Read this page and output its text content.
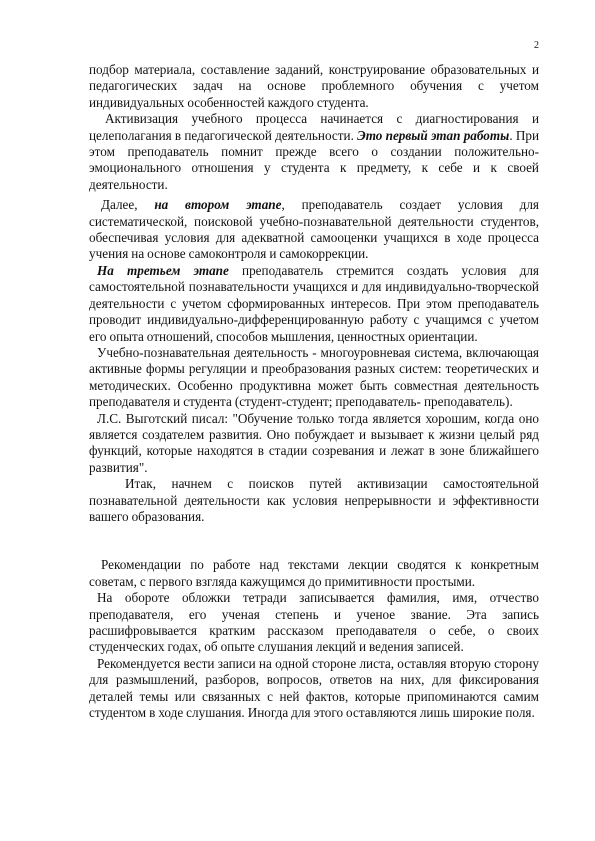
2

подбор материала, составление заданий, конструирование образовательных и педагогических задач на основе проблемного обучения с учетом индивидуальных особенностей каждого студента.

Активизация учебного процесса начинается с диагностирования и целеполагания в педагогической деятельности. Это первый этап работы. При этом преподаватель помнит прежде всего о создании положительно-эмоционального отношения у студента к предмету, к себе и к своей деятельности.

Далее, на втором этапе, преподаватель создает условия для систематической, поисковой учебно-познавательной деятельности студентов, обеспечивая условия для адекватной самооценки учащихся в ходе процесса учения на основе самоконтроля и самокоррекции.

На третьем этапе преподаватель стремится создать условия для самостоятельной познавательности учащихся и для индивидуально-творческой деятельности с учетом сформированных интересов. При этом преподаватель проводит индивидуально-дифференцированную работу с учащимся с учетом его опыта отношений, способов мышления, ценностных ориентации.

Учебно-познавательная деятельность - многоуровневая система, включающая активные формы регуляции и преобразования разных систем: теоретических и методических. Особенно продуктивна может быть совместная деятельность преподавателя и студента (студент-студент; преподаватель- преподаватель).

Л.С. Выготский писал: "Обучение только тогда является хорошим, когда оно является создателем развития. Оно побуждает и вызывает к жизни целый ряд функций, которые находятся в стадии созревания и лежат в зоне ближайшего развития".

Итак, начнем с поисков путей активизации самостоятельной познавательной деятельности как условия непрерывности и эффективности вашего образования.

Рекомендации по работе над текстами лекции сводятся к конкретным советам, с первого взгляда кажущимся до примитивности простыми.

На обороте обложки тетради записывается фамилия, имя, отчество преподавателя, его ученая степень и ученое звание. Эта запись расшифровывается кратким рассказом преподавателя о себе, о своих студенческих годах, об опыте слушания лекций и ведения записей.

Рекомендуется вести записи на одной стороне листа, оставляя вторую сторону для размышлений, разборов, вопросов, ответов на них, для фиксирования деталей темы или связанных с ней фактов, которые припоминаются самим студентом в ходе слушания. Иногда для этого оставляются лишь широкие поля.
